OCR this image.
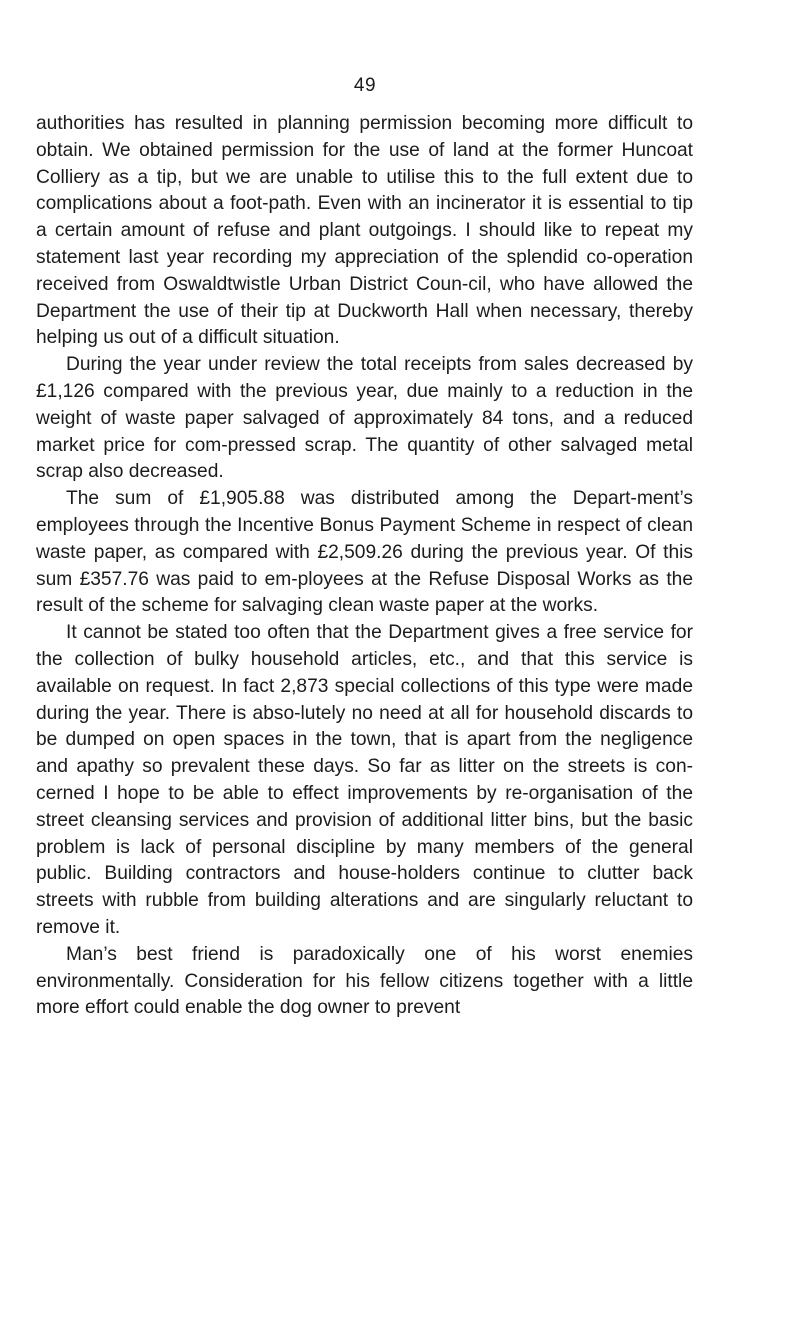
49

authorities has resulted in planning permission becoming more difficult to obtain. We obtained permission for the use of land at the former Huncoat Colliery as a tip, but we are unable to utilise this to the full extent due to complications about a foot-path. Even with an incinerator it is essential to tip a certain amount of refuse and plant outgoings. I should like to repeat my statement last year recording my appreciation of the splendid co-operation received from Oswaldtwistle Urban District Coun-cil, who have allowed the Department the use of their tip at Duckworth Hall when necessary, thereby helping us out of a difficult situation.

During the year under review the total receipts from sales decreased by £1,126 compared with the previous year, due mainly to a reduction in the weight of waste paper salvaged of approximately 84 tons, and a reduced market price for com-pressed scrap. The quantity of other salvaged metal scrap also decreased.

The sum of £1,905.88 was distributed among the Depart-ment’s employees through the Incentive Bonus Payment Scheme in respect of clean waste paper, as compared with £2,509.26 during the previous year. Of this sum £357.76 was paid to em-ployees at the Refuse Disposal Works as the result of the scheme for salvaging clean waste paper at the works.

It cannot be stated too often that the Department gives a free service for the collection of bulky household articles, etc., and that this service is available on request. In fact 2,873 special collections of this type were made during the year. There is abso-lutely no need at all for household discards to be dumped on open spaces in the town, that is apart from the negligence and apathy so prevalent these days. So far as litter on the streets is con-cerned I hope to be able to effect improvements by re-organisation of the street cleansing services and provision of additional litter bins, but the basic problem is lack of personal discipline by many members of the general public. Building contractors and house-holders continue to clutter back streets with rubble from building alterations and are singularly reluctant to remove it.

Man’s best friend is paradoxically one of his worst enemies environmentally. Consideration for his fellow citizens together with a little more effort could enable the dog owner to prevent
